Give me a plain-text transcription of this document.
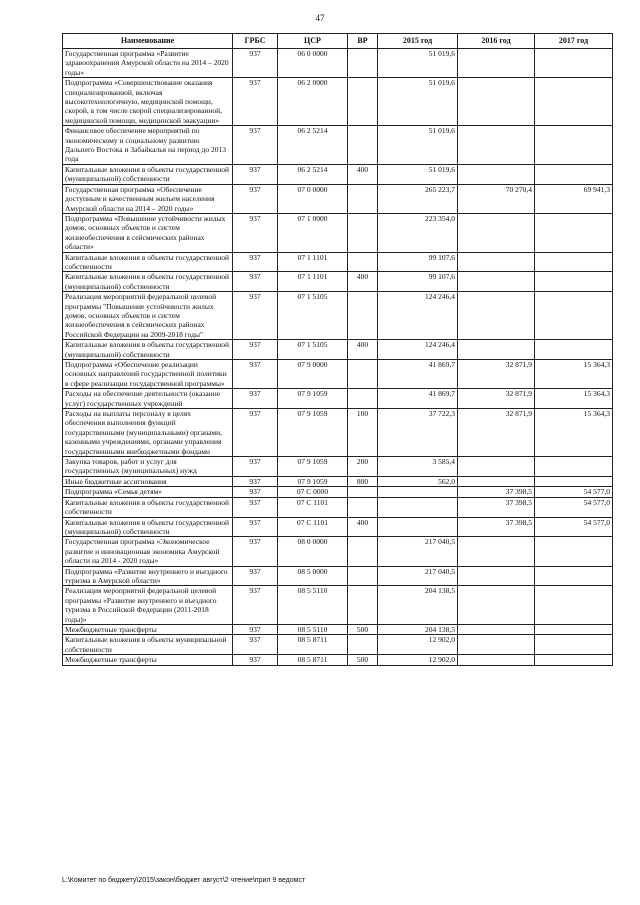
47
Наименование	ГРБС	ЦСР	ВР	2015 год	2016 год	2017 год
Государственная программа «Развитие здравоохранения Амурской области на 2014 – 2020 годы»	937	06 0 0000		51 019,6		
Подпрограмма «Совершенствование оказания специализированной, включая высокотехнологичную, медицинской помощи, скорой, в том числе скорой специализированной, медицинской помощи, медицинской эвакуации»	937	06 2 0000		51 019,6		
Финансовое обеспечение мероприятий по экономическому и социальному развитию Дальнего Востока и Забайкалья на период до 2013 года	937	06 2 5214		51 019,6		
Капитальные вложения в объекты государственной (муниципальной) собственности	937	06 2 5214	400	51 019,6		
Государственная программа «Обеспечение доступным и качественным жильем населения Амурской области на 2014 – 2020 годы»	937	07 0 0000		265 223,7	70 270,4	69 941,3
Подпрограмма «Повышение устойчивости жилых домов, основных объектов и систем жизнеобеспечения в сейсмических районах области»	937	07 1 0000		223 354,0		
Капитальные вложения в объекты государственной собственности	937	07 1 1101		99 107,6		
Капитальные вложения в объекты государственной (муниципальной) собственности	937	07 1 1101	400	99 107,6		
Реализация мероприятий федеральной целевой программы "Повышение устойчивости жилых домов, основных объектов и систем жизнеобеспечения в сейсмических районах Российской Федерации на 2009-2018 годы"	937	07 1 5105		124 246,4		
Капитальные вложения в объекты государственной (муниципальной) собственности	937	07 1 5105	400	124 246,4		
Подпрограмма «Обеспечение реализации основных направлений государственной политики в сфере реализации государственной программы»	937	07 9 0000		41 869,7	32 871,9	15 364,3
Расходы на обеспечение деятельности (оказание услуг) государственных учреждений	937	07 9 1059		41 869,7	32 871,9	15 364,3
Расходы на выплаты персоналу в целях обеспечения выполнения функций государственными (муниципальными) органами, казенными учреждениями, органами управления государственными внебюджетными фондами	937	07 9 1059	100	37 722,3	32 871,9	15 364,3
Закупка товаров, работ и услуг для государственных (муниципальных) нужд	937	07 9 1059	200	3 585,4		
Иные бюджетные ассигнования	937	07 9 1059	800	562,0		
Подпрограмма «Семья детям»	937	07 С 0000			37 398,5	54 577,0
Капитальные вложения в объекты государственной собственности	937	07 С 1101			37 398,5	54 577,0
Капитальные вложения в объекты государственной (муниципальной) собственности	937	07 С 1101	400		37 398,5	54 577,0
Государственная программа «Экономическое развитие и инновационная экономика Амурской области на 2014 - 2020 годы»	937	08 0 0000		217 040,5		
Подпрограмма «Развитие внутреннего и въездного туризма в Амурской области»	937	08 5 0000		217 040,5		
Реализация мероприятий федеральной целевой программы «Развитие внутреннего и въездного туризма в Российской Федерации (2011-2018 годы)»	937	08 5 5110		204 138,5		
Межбюджетные трансферты	937	08 5 5110	500	204 138,5		
Капитальные вложения в объекты муниципальной собственности	937	08 5 8711		12 902,0		
Межбюджетные трансферты	937	08 5 8711	500	12 902,0		
L:\Комитет по бюджету\2015\закон\бюджет август\2 чтение\прил 9 ведомст
